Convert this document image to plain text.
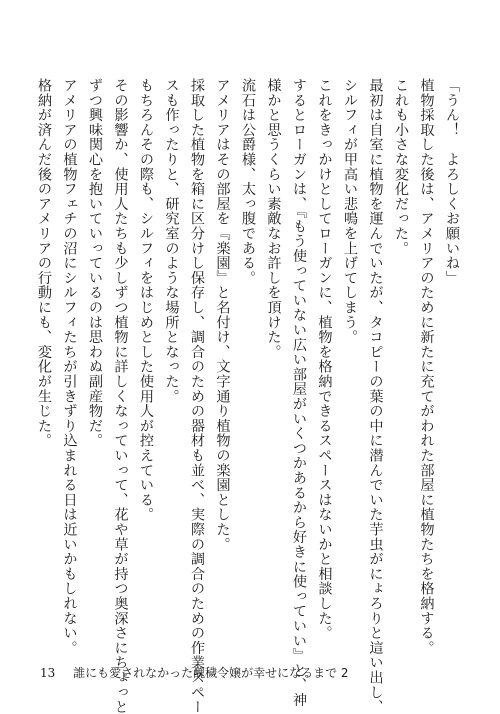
「うん！　よろしくお願いね」
植物採取した後は、アメリアのために新たに充てがわれた部屋に植物たちを格納する。
これも小さな変化だった。
最初は自室に植物を運んでいたが、タコピーの葉の中に潜んでいた芋虫がにょろりと這い出し、
シルフィが甲高い悲鳴を上げてしまう。
これをきっかけとしてローガンに、植物を格納できるスペースはないかと相談した。
するとローガンは、『もう使っていない広い部屋がいくつかあるから好きに使っていい』と、神
様かと思うくらい素敵なお許しを頂けた。
流石は公爵様、太っ腹である。
アメリアはその部屋を『楽園』と名付け、文字通り植物の楽園とした。
採取した植物を箱に区分けし保存し、調合のための器材も並べ、実際の調合のための作業スペー
スも作ったりと、研究室のような場所となった。
もちろんその際も、シルフィをはじめとした使用人が控えている。
その影響か、使用人たちも少しずつ植物に詳しくなっていって、花や草が持つ奥深さにちょっと
ずつ興味関心を抱いていっているのは思わぬ副産物だ。
アメリアの植物フェチの沼にシルフィたちが引きずり込まれる日は近いかもしれない。
格納が済んだ後のアメリアの行動にも、変化が生じた。
13 誰にも愛されなかった醜穢令嬢が幸せになるまで 2
